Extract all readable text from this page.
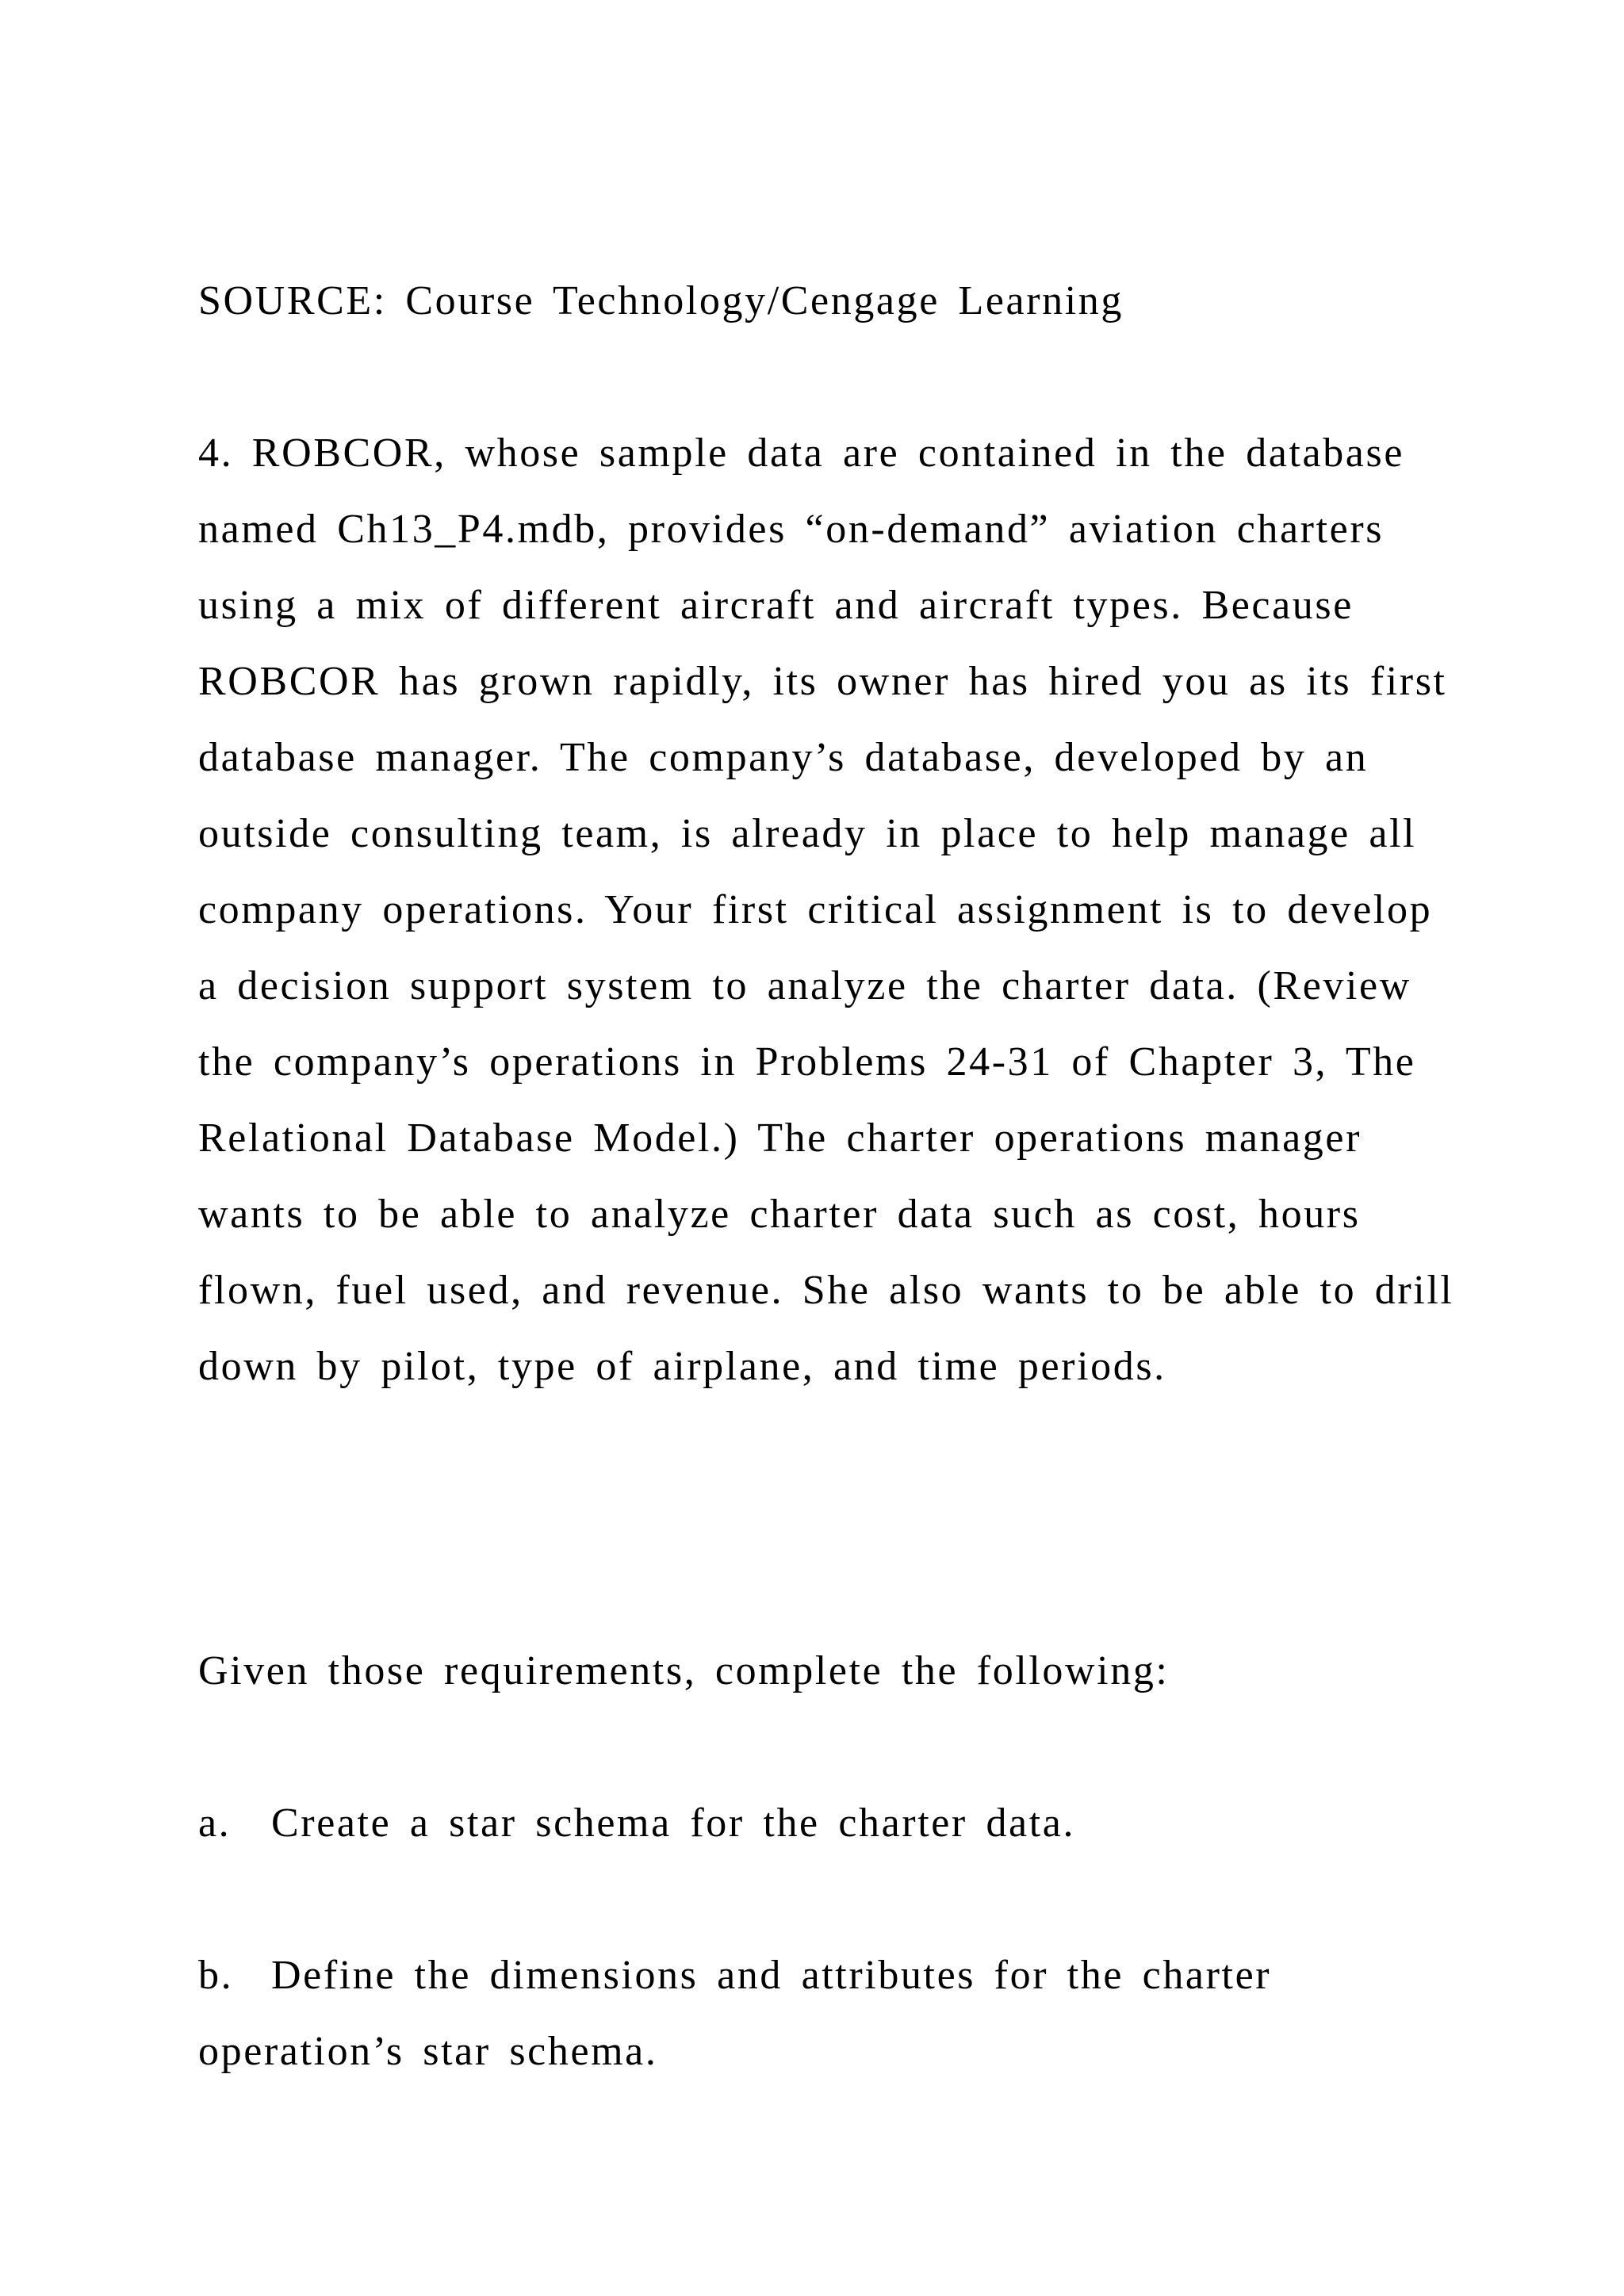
SOURCE: Course Technology/Cengage Learning

4. ROBCOR, whose sample data are contained in the database
named Ch13_P4.mdb, provides “on-demand” aviation charters
using a mix of different aircraft and aircraft types. Because
ROBCOR has grown rapidly, its owner has hired you as its first
database manager. The company’s database, developed by an
outside consulting team, is already in place to help manage all
company operations. Your first critical assignment is to develop
a decision support system to analyze the charter data. (Review
the company’s operations in Problems 24-31 of Chapter 3, The
Relational Database Model.) The charter operations manager
wants to be able to analyze charter data such as cost, hours
flown, fuel used, and revenue. She also wants to be able to drill
down by pilot, type of airplane, and time periods.

Given those requirements, complete the following:

a. Create a star schema for the charter data.
b. Define the dimensions and attributes for the charter
operation’s star schema.
